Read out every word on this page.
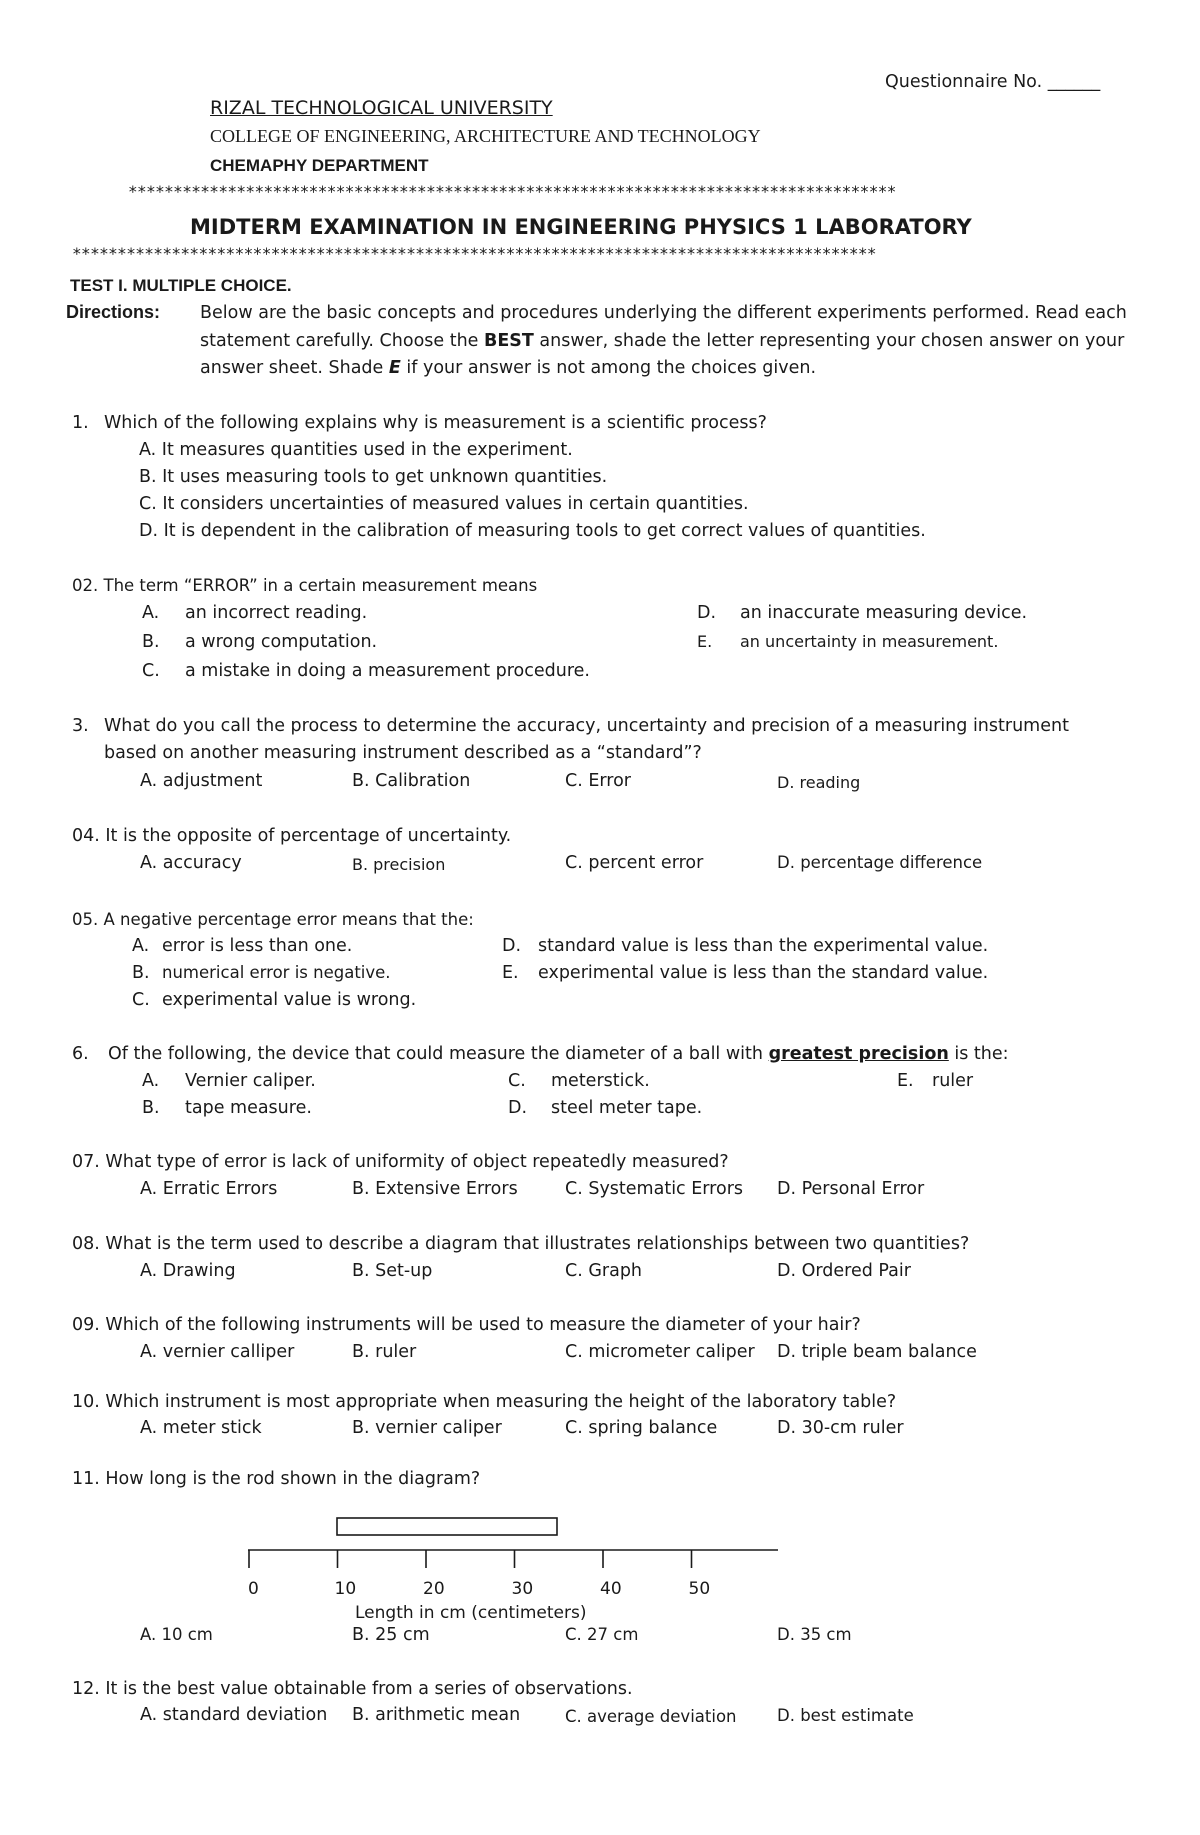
Questionnaire No. ______
RIZAL TECHNOLOGICAL UNIVERSITY
COLLEGE OF ENGINEERING, ARCHITECTURE AND TECHNOLOGY
CHEMAPHY DEPARTMENT
*************************************************************************************
MIDTERM EXAMINATION IN ENGINEERING PHYSICS 1 LABORATORY
*****************************************************************************************
TEST I. MULTIPLE CHOICE.
Directions: Below are the basic concepts and procedures underlying the different experiments performed. Read each statement carefully. Choose the BEST answer, shade the letter representing your chosen answer on your answer sheet. Shade E if your answer is not among the choices given.
1. Which of the following explains why is measurement is a scientific process?
A. It measures quantities used in the experiment.
B. It uses measuring tools to get unknown quantities.
C. It considers uncertainties of measured values in certain quantities.
D. It is dependent in the calibration of measuring tools to get correct values of quantities.
02. The term “ERROR” in a certain measurement means
A. an incorrect reading.
B. a wrong computation.
C. a mistake in doing a measurement procedure.
D. an inaccurate measuring device.
E. an uncertainty in measurement.
3. What do you call the process to determine the accuracy, uncertainty and precision of a measuring instrument
based on another measuring instrument described as a “standard”?
A. adjustment	B. Calibration	C. Error	D. reading
04. It is the opposite of percentage of uncertainty.
A. accuracy	B. precision	C. percent error	D. percentage difference
05. A negative percentage error means that the:
A. error is less than one.
B. numerical error is negative.
C. experimental value is wrong.
D. standard value is less than the experimental value.
E. experimental value is less than the standard value.
6. Of the following, the device that could measure the diameter of a ball with greatest precision is the:
A. Vernier caliper.
B. tape measure.
C. meterstick.
D. steel meter tape.
E. ruler
07. What type of error is lack of uniformity of object repeatedly measured?
A. Erratic Errors	B. Extensive Errors	C. Systematic Errors D. Personal Error
08. What is the term used to describe a diagram that illustrates relationships between two quantities?
A. Drawing	B. Set-up	C. Graph	D. Ordered Pair
09. Which of the following instruments will be used to measure the diameter of your hair?
A. vernier calliper	B. ruler	C. micrometer caliper D. triple beam balance
10. Which instrument is most appropriate when measuring the height of the laboratory table?
A. meter stick	B. vernier caliper	C. spring balance	D. 30-cm ruler
11. How long is the rod shown in the diagram?
0	10	20	30	40	50
Length in cm (centimeters)
A. 10 cm	B. 25 cm	C. 27 cm	D. 35 cm
12. It is the best value obtainable from a series of observations.
A. standard deviation B. arithmetic mean	C. average deviation D. best estimate
